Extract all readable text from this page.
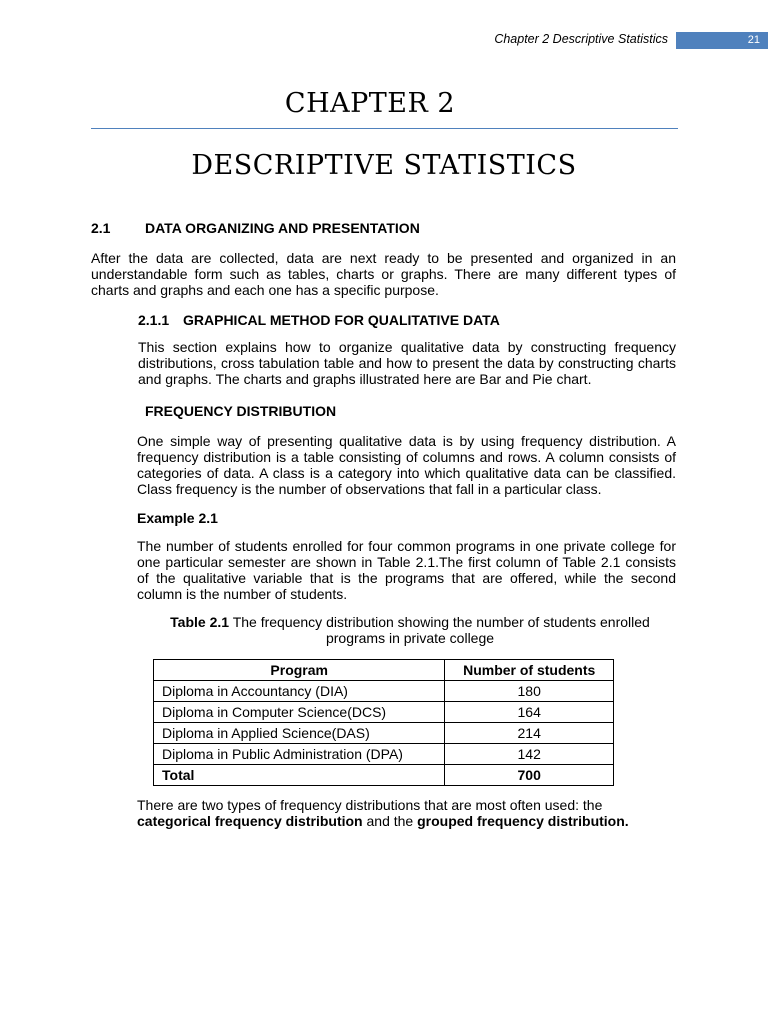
Chapter 2 Descriptive Statistics	21
CHAPTER 2
DESCRIPTIVE STATISTICS
2.1 DATA ORGANIZING AND PRESENTATION
After the data are collected, data are next ready to be presented and organized in an understandable form such as tables, charts or graphs. There are many different types of charts and graphs and each one has a specific purpose.
2.1.1 GRAPHICAL METHOD FOR QUALITATIVE DATA
This section explains how to organize qualitative data by constructing frequency distributions, cross tabulation table and how to present the data by constructing charts and graphs. The charts and graphs illustrated here are Bar and Pie chart.
FREQUENCY DISTRIBUTION
One simple way of presenting qualitative data is by using frequency distribution. A frequency distribution is a table consisting of columns and rows. A column consists of categories of data. A class is a category into which qualitative data can be classified. Class frequency is the number of observations that fall in a particular class.
Example 2.1
The number of students enrolled for four common programs in one private college for one particular semester are shown in Table 2.1.The first column of Table 2.1 consists of the qualitative variable that is the programs that are offered, while the second column is the number of students.
Table 2.1 The frequency distribution showing the number of students enrolled programs in private college
Program	Number of students
Diploma in Accountancy (DIA)	180
Diploma in Computer Science(DCS)	164
Diploma in Applied Science(DAS)	214
Diploma in Public Administration (DPA)	142
Total	700
There are two types of frequency distributions that are most often used: the categorical frequency distribution and the grouped frequency distribution.
